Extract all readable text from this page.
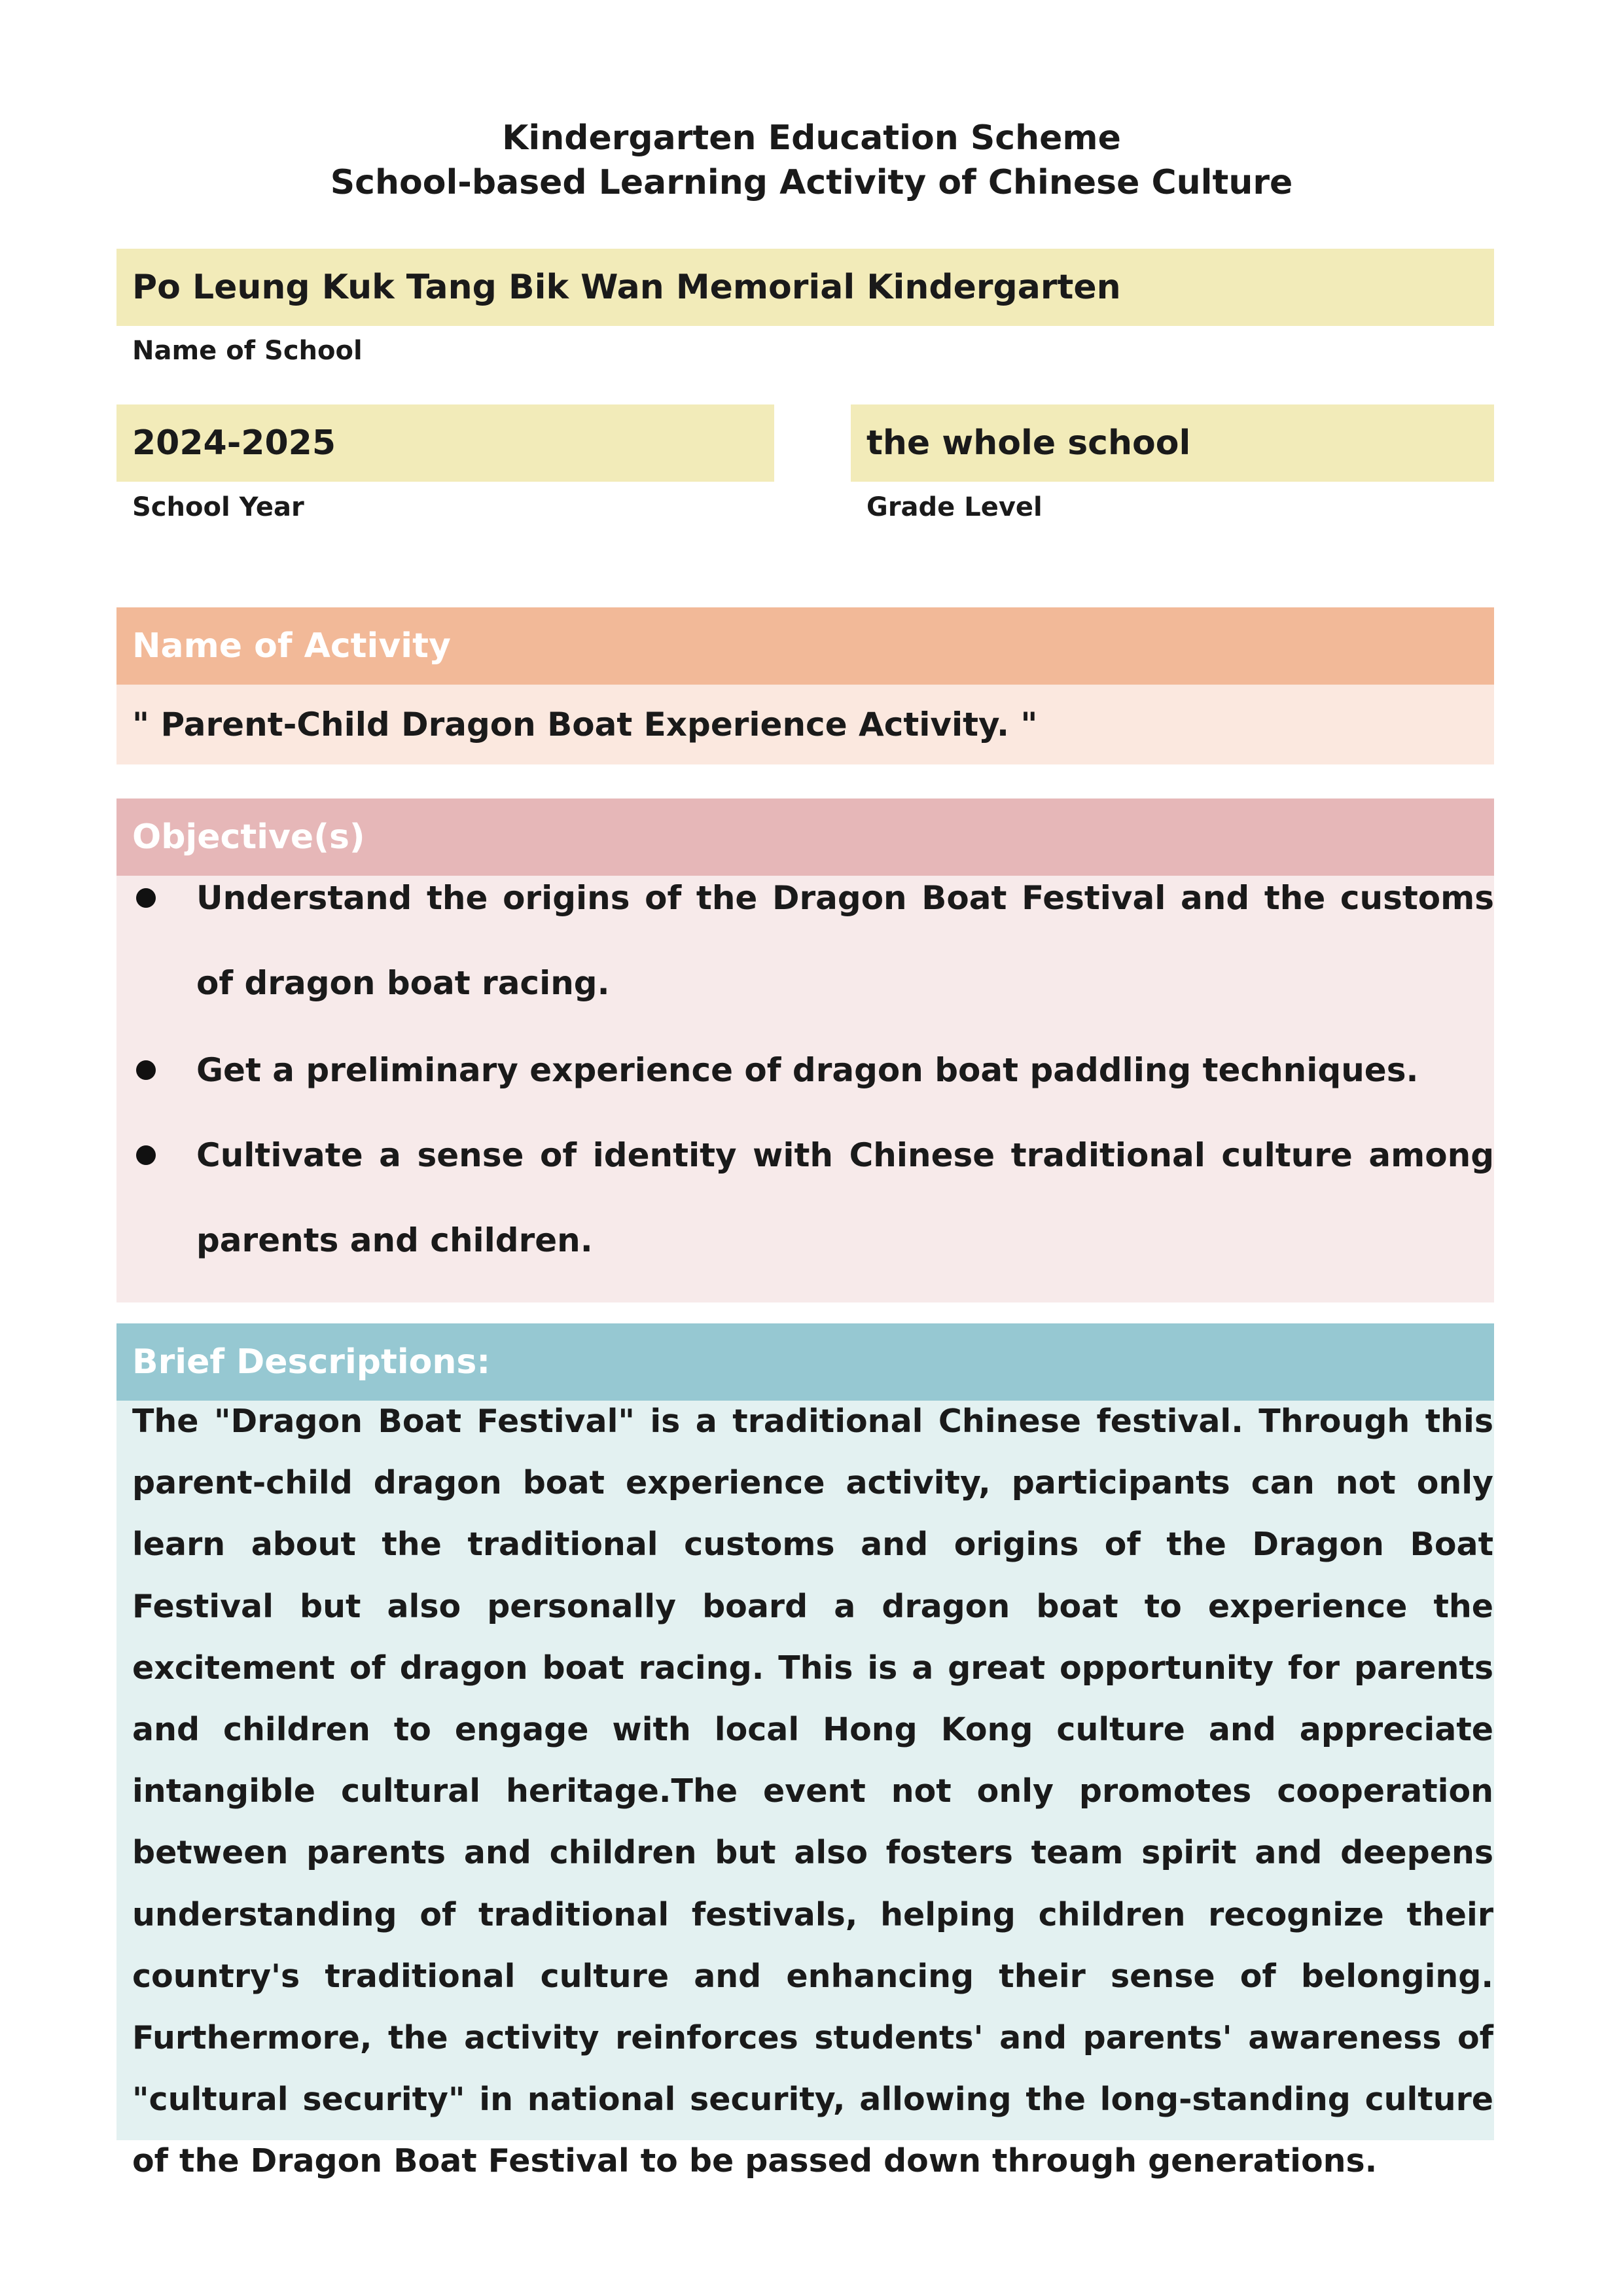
Kindergarten Education Scheme
School-based Learning Activity of Chinese Culture
Po Leung Kuk Tang Bik Wan Memorial Kindergarten
Name of School
2024-2025
School Year
the whole school
Grade Level
Name of Activity
" Parent-Child Dragon Boat Experience Activity. "
Objective(s)
Understand the origins of the Dragon Boat Festival and the customs of dragon boat racing.
Get a preliminary experience of dragon boat paddling techniques.
Cultivate a sense of identity with Chinese traditional culture among parents and children.
Brief Descriptions:
The "Dragon Boat Festival" is a traditional Chinese festival. Through this parent-child dragon boat experience activity, participants can not only learn about the traditional customs and origins of the Dragon Boat Festival but also personally board a dragon boat to experience the excitement of dragon boat racing. This is a great opportunity for parents and children to engage with local Hong Kong culture and appreciate intangible cultural heritage.The event not only promotes cooperation between parents and children but also fosters team spirit and deepens understanding of traditional festivals, helping children recognize their country's traditional culture and enhancing their sense of belonging. Furthermore, the activity reinforces students' and parents' awareness of "cultural security" in national security, allowing the long-standing culture of the Dragon Boat Festival to be passed down through generations.
